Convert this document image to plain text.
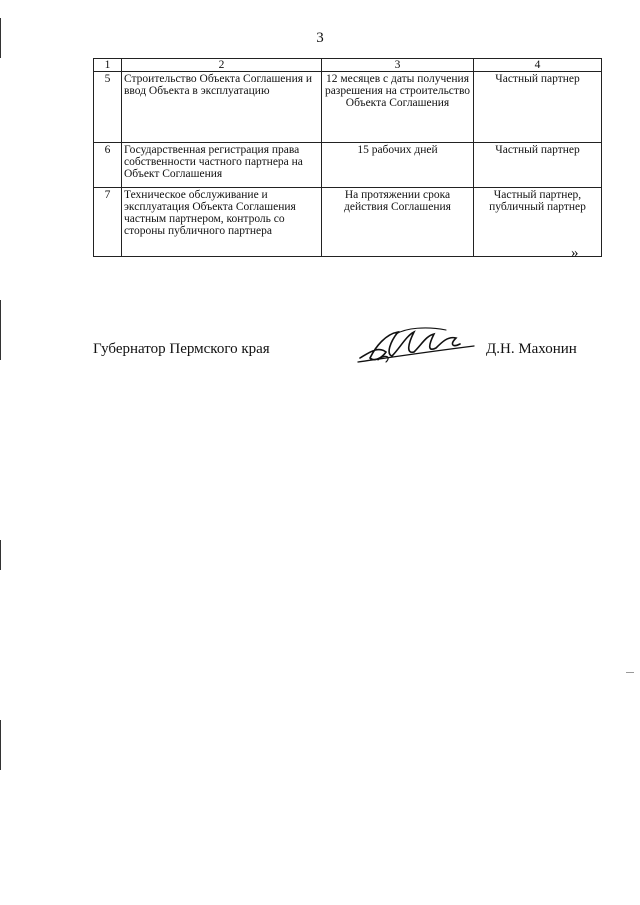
3
1	2	3	4
5	Строительство Объекта Соглашения и ввод Объекта в эксплуатацию	12 месяцев с даты получения разрешения на строительство Объекта Соглашения	Частный партнер
6	Государственная регистрация права собственности частного партнера на Объект Соглашения	15 рабочих дней	Частный партнер
7	Техническое обслуживание и эксплуатация Объекта Соглашения частным партнером, контроль со стороны публичного партнера	На протяжении срока действия Соглашения	Частный партнер, публичный партнер
»
Губернатор Пермского края	Д.Н. Махонин
